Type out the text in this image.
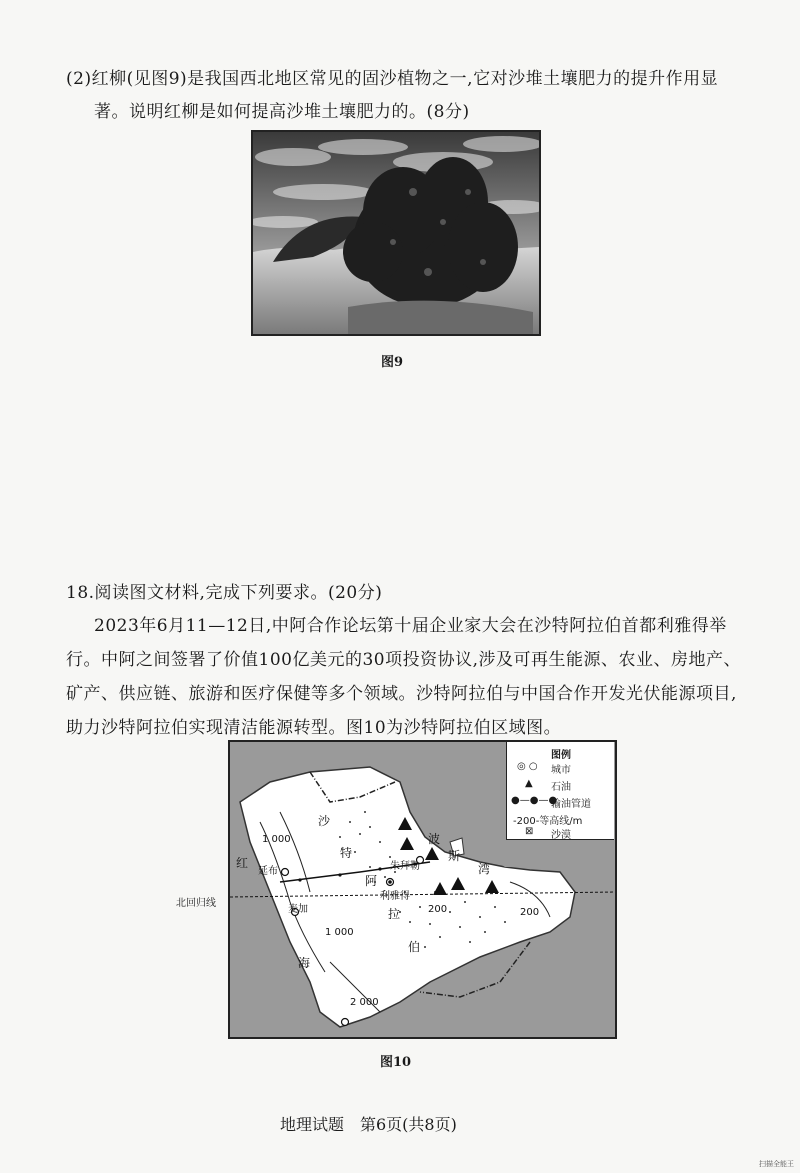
(2)红柳(见图9)是我国西北地区常见的固沙植物之一,它对沙堆土壤肥力的提升作用显
著。说明红柳是如何提高沙堆土壤肥力的。(8分)
图9
18.阅读图文材料,完成下列要求。(20分)
2023年6月11—12日,中阿合作论坛第十届企业家大会在沙特阿拉伯首都利雅得举
行。中阿之间签署了价值100亿美元的30项投资协议,涉及可再生能源、农业、房地产、
矿产、供应链、旅游和医疗保健等多个领域。沙特阿拉伯与中国合作开发光伏能源项目,
助力沙特阿拉伯实现清洁能源转型。图10为沙特阿拉伯区域图。
图例
◎ ○ 城市
▲ 石油
●—●—●
输油管道
-200-等高线/m
⊠ 沙漠
沙
特
阿
拉
伯
波
斯
湾
红
海
延布
麦加
利雅得
朱拜勒
1 000
1 000
200	200
2 000
北回归线
图10
地理试题　第6页(共8页)
扫描全能王
